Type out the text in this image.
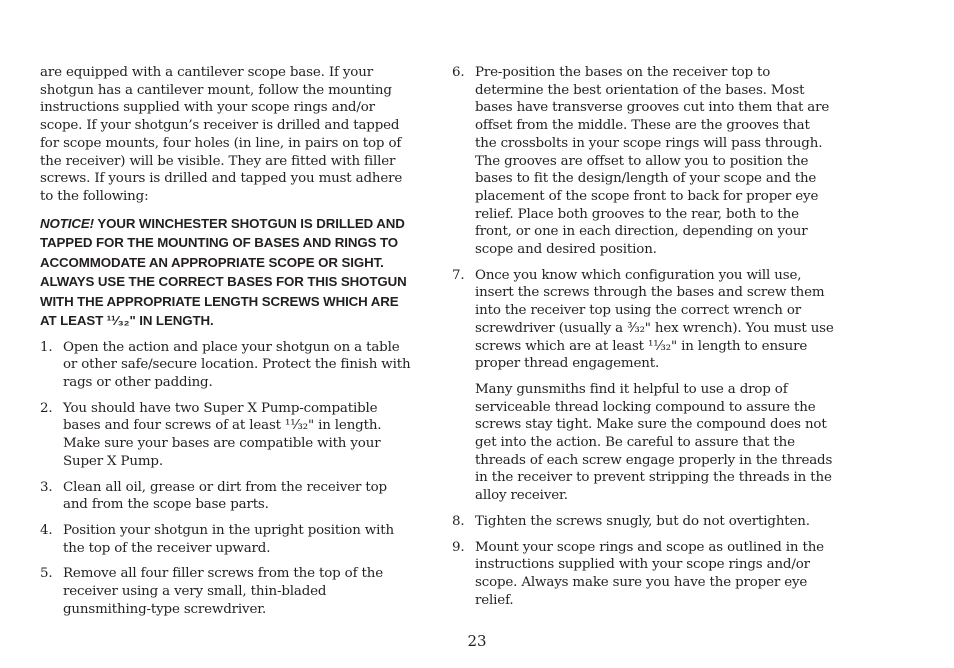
are equipped with a cantilever scope base. If your shotgun has a cantilever mount, follow the mounting instructions supplied with your scope rings and/or scope. If your shotgun’s receiver is drilled and tapped for scope mounts, four holes (in line, in pairs on top of the receiver) will be visible. They are fitted with filler screws. If yours is drilled and tapped you must adhere to the following:

NOTICE! YOUR WINCHESTER SHOTGUN IS DRILLED AND TAPPED FOR THE MOUNTING OF BASES AND RINGS TO ACCOMMODATE AN APPROPRIATE SCOPE OR SIGHT. ALWAYS USE THE CORRECT BASES FOR THIS SHOTGUN WITH THE APPROPRIATE LENGTH SCREWS WHICH ARE AT LEAST ¹¹⁄₃₂" IN LENGTH.

1. Open the action and place your shotgun on a table or other safe/secure location. Protect the finish with rags or other padding.
2. You should have two Super X Pump-compatible bases and four screws of at least ¹¹⁄₃₂" in length. Make sure your bases are compatible with your Super X Pump.
3. Clean all oil, grease or dirt from the receiver top and from the scope base parts.
4. Position your shotgun in the upright position with the top of the receiver upward.
5. Remove all four filler screws from the top of the receiver using a very small, thin-bladed gunsmithing-type screwdriver.
6. Pre-position the bases on the receiver top to determine the best orientation of the bases. Most bases have transverse grooves cut into them that are offset from the middle. These are the grooves that the crossbolts in your scope rings will pass through. The grooves are offset to allow you to position the bases to fit the design/length of your scope and the placement of the scope front to back for proper eye relief. Place both grooves to the rear, both to the front, or one in each direction, depending on your scope and desired position.
7. Once you know which configuration you will use, insert the screws through the bases and screw them into the receiver top using the correct wrench or screwdriver (usually a ³⁄₃₂" hex wrench). You must use screws which are at least ¹¹⁄₃₂" in length to ensure proper thread engagement.

Many gunsmiths find it helpful to use a drop of serviceable thread locking compound to assure the screws stay tight. Make sure the compound does not get into the action. Be careful to assure that the threads of each screw engage properly in the threads in the receiver to prevent stripping the threads in the alloy receiver.

8. Tighten the screws snugly, but do not overtighten.
9. Mount your scope rings and scope as outlined in the instructions supplied with your scope rings and/or scope. Always make sure you have the proper eye relief.
23
